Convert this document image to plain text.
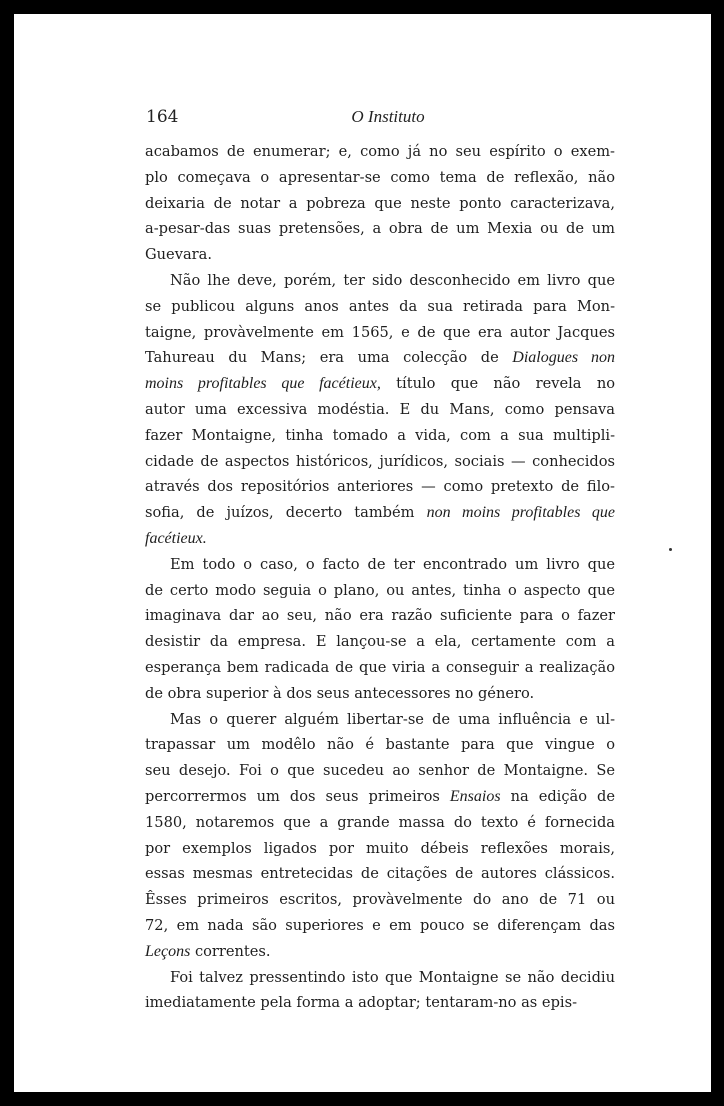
164	O Instituto
acabamos de enumerar; e, como já no seu espírito o exem-
plo começava o apresentar-se como tema de reflexão, não
deixaria de notar a pobreza que neste ponto caracterizava,
a-pesar-das suas pretensões, a obra de um Mexia ou de um
Guevara.
Não lhe deve, porém, ter sido desconhecido em livro que
se publicou alguns anos antes da sua retirada para Mon-
taigne, provàvelmente em 1565, e de que era autor Jacques
Tahureau du Mans; era uma colecção de Dialogues non
moins profitables que facétieux, título que não revela no
autor uma excessiva modéstia. E du Mans, como pensava
fazer Montaigne, tinha tomado a vida, com a sua multipli-
cidade de aspectos históricos, jurídicos, sociais — conhecidos
através dos repositórios anteriores — como pretexto de filo-
sofia, de juízos, decerto também non moins profitables que
facétieux.
Em todo o caso, o facto de ter encontrado um livro que
de certo modo seguia o plano, ou antes, tinha o aspecto que
imaginava dar ao seu, não era razão suficiente para o fazer
desistir da empresa. E lançou-se a ela, certamente com a
esperança bem radicada de que viria a conseguir a realização
de obra superior à dos seus antecessores no género.
Mas o querer alguém libertar-se de uma influência e ul-
trapassar um modêlo não é bastante para que vingue o
seu desejo. Foi o que sucedeu ao senhor de Montaigne. Se
percorrermos um dos seus primeiros Ensaios na edição de
1580, notaremos que a grande massa do texto é fornecida
por exemplos ligados por muito débeis reflexões morais,
essas mesmas entretecidas de citações de autores clássicos.
Êsses primeiros escritos, provàvelmente do ano de 71 ou
72, em nada são superiores e em pouco se diferençam das
Leçons correntes.
Foi talvez pressentindo isto que Montaigne se não decidiu
imediatamente pela forma a adoptar; tentaram-no as epis-
